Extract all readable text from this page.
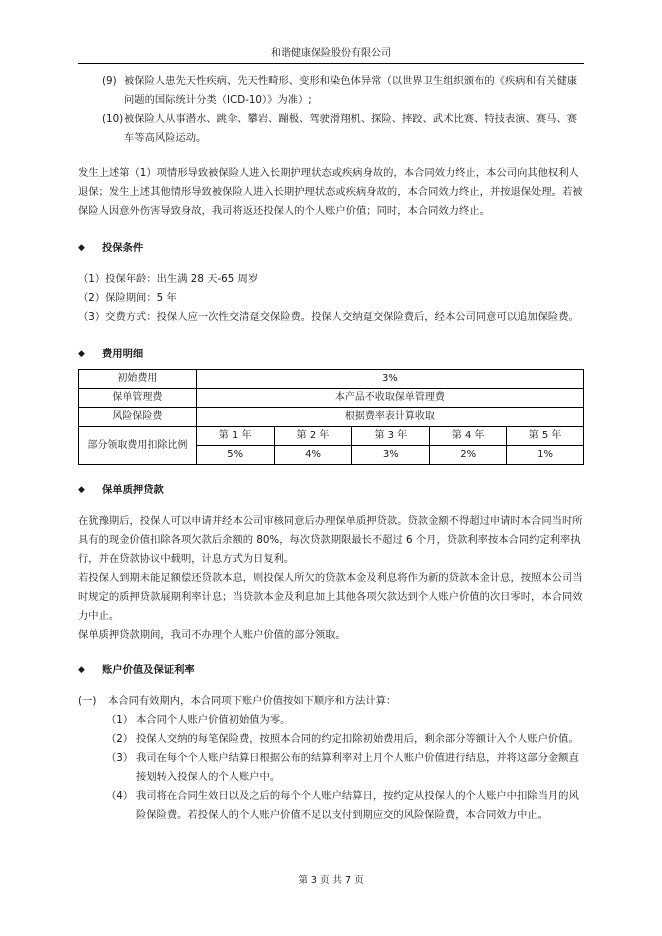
和谐健康保险股份有限公司
(9) 被保险人患先天性疾病、先天性畸形、变形和染色体异常（以世界卫生组织颁布的《疾病和有关健康问题的国际统计分类（ICD-10）》为准）;
(10) 被保险人从事潜水、跳伞、攀岩、蹦极、驾驶滑翔机、探险、摔跤、武术比赛、特技表演、赛马、赛车等高风险运动。

发生上述第（1）项情形导致被保险人进入长期护理状态或疾病身故的，本合同效力终止，本公司向其他权利人退保；发生上述其他情形导致被保险人进入长期护理状态或疾病身故的，本合同效力终止，并按退保处理。若被保险人因意外伤害导致身故，我司将返还投保人的个人账户价值；同时，本合同效力终止。

◆	投保条件
（1）投保年龄：出生满 28 天-65 周岁
（2）保险期间：5 年
（3）交费方式：投保人应一次性交清趸交保险费。投保人交纳趸交保险费后，经本公司同意可以追加保险费。
◆	费用明细
初始费用	3%				
保单管理费	本产品不收取保单管理费				
风险保险费	根据费率表计算收取				
部分领取费用扣除比例	第 1 年	第 2 年	第 3 年	第 4 年	第 5 年
	5%	4%	3%	2%	1%
◆	保单质押贷款

在犹豫期后，投保人可以申请并经本公司审核同意后办理保单质押贷款。贷款金额不得超过申请时本合同当时所具有的现金价值扣除各项欠款后余额的 80%，每次贷款期限最长不超过 6 个月，贷款利率按本合同约定利率执行，并在贷款协议中载明，计息方式为日复利。

若投保人到期未能足额偿还贷款本息，则投保人所欠的贷款本金及利息将作为新的贷款本金计息，按照本公司当时规定的质押贷款展期利率计息；当贷款本金及利息加上其他各项欠款达到个人账户价值的次日零时，本合同效力中止。

保单质押贷款期间，我司不办理个人账户价值的部分领取。

◆	账户价值及保证利率
(一)	本合同有效期内，本合同项下账户价值按如下顺序和方法计算：
（1） 本合同个人账户价值初始值为零。
（2） 投保人交纳的每笔保险费，按照本合同的约定扣除初始费用后，剩余部分等额计入个人账户价值。
（3） 我司在每个个人账户结算日根据公布的结算利率对上月个人账户价值进行结息，并将这部分金额直接划转入投保人的个人账户中。
（4） 我司将在合同生效日以及之后的每个个人账户结算日，按约定从投保人的个人账户中扣除当月的风险保险费。若投保人的个人账户价值不足以支付到期应交的风险保险费，本合同效力中止。
第 3 页 共 7 页
